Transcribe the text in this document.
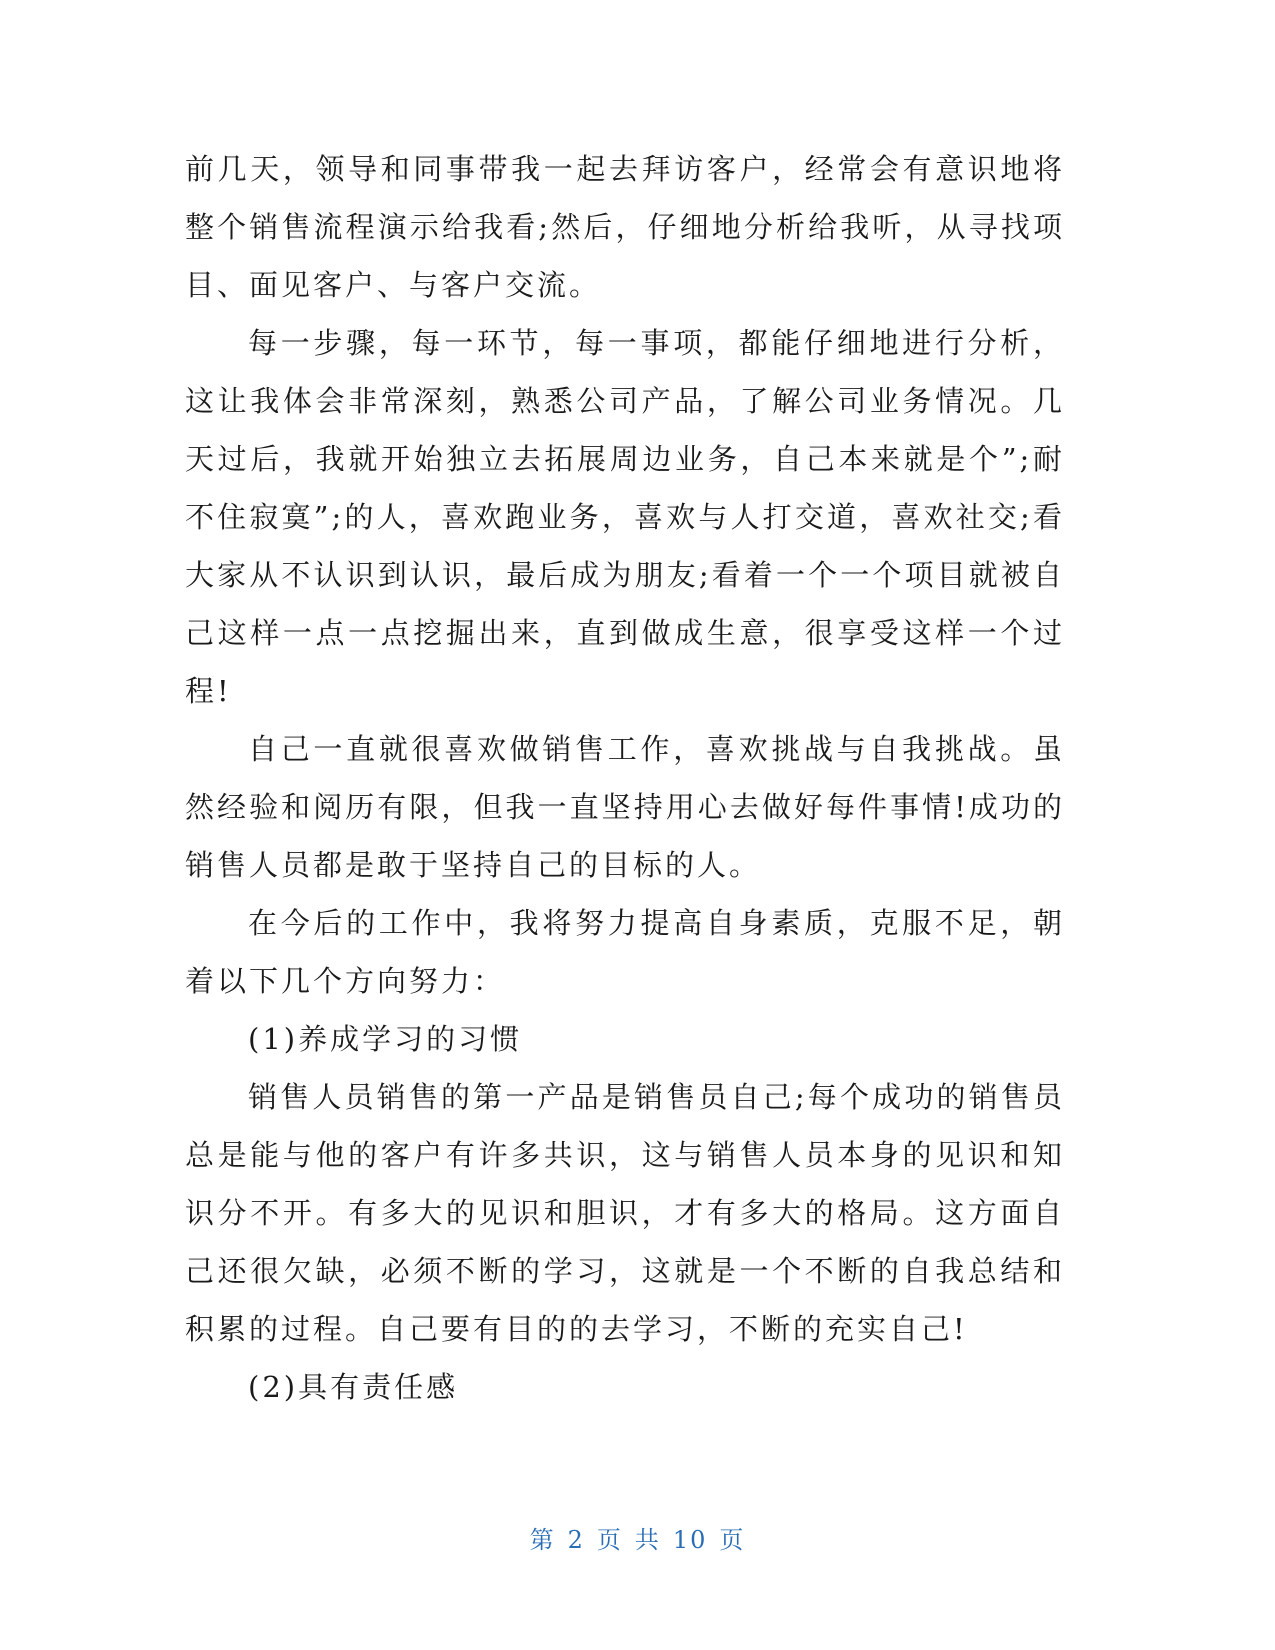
前几天，领导和同事带我一起去拜访客户，经常会有意识地将整个销售流程演示给我看;然后，仔细地分析给我听，从寻找项目、面见客户、与客户交流。

每一步骤，每一环节，每一事项，都能仔细地进行分析，这让我体会非常深刻，熟悉公司产品，了解公司业务情况。几天过后，我就开始独立去拓展周边业务，自己本来就是个”;耐不住寂寞”;的人，喜欢跑业务，喜欢与人打交道，喜欢社交;看大家从不认识到认识，最后成为朋友;看着一个一个项目就被自己这样一点一点挖掘出来，直到做成生意，很享受这样一个过程!

自己一直就很喜欢做销售工作，喜欢挑战与自我挑战。虽然经验和阅历有限，但我一直坚持用心去做好每件事情!成功的销售人员都是敢于坚持自己的目标的人。

在今后的工作中，我将努力提高自身素质，克服不足，朝着以下几个方向努力：

(1)养成学习的习惯

销售人员销售的第一产品是销售员自己;每个成功的销售员总是能与他的客户有许多共识，这与销售人员本身的见识和知识分不开。有多大的见识和胆识，才有多大的格局。这方面自己还很欠缺，必须不断的学习，这就是一个不断的自我总结和积累的过程。自己要有目的的去学习，不断的充实自己!

(2)具有责任感

第 2 页 共 10 页
